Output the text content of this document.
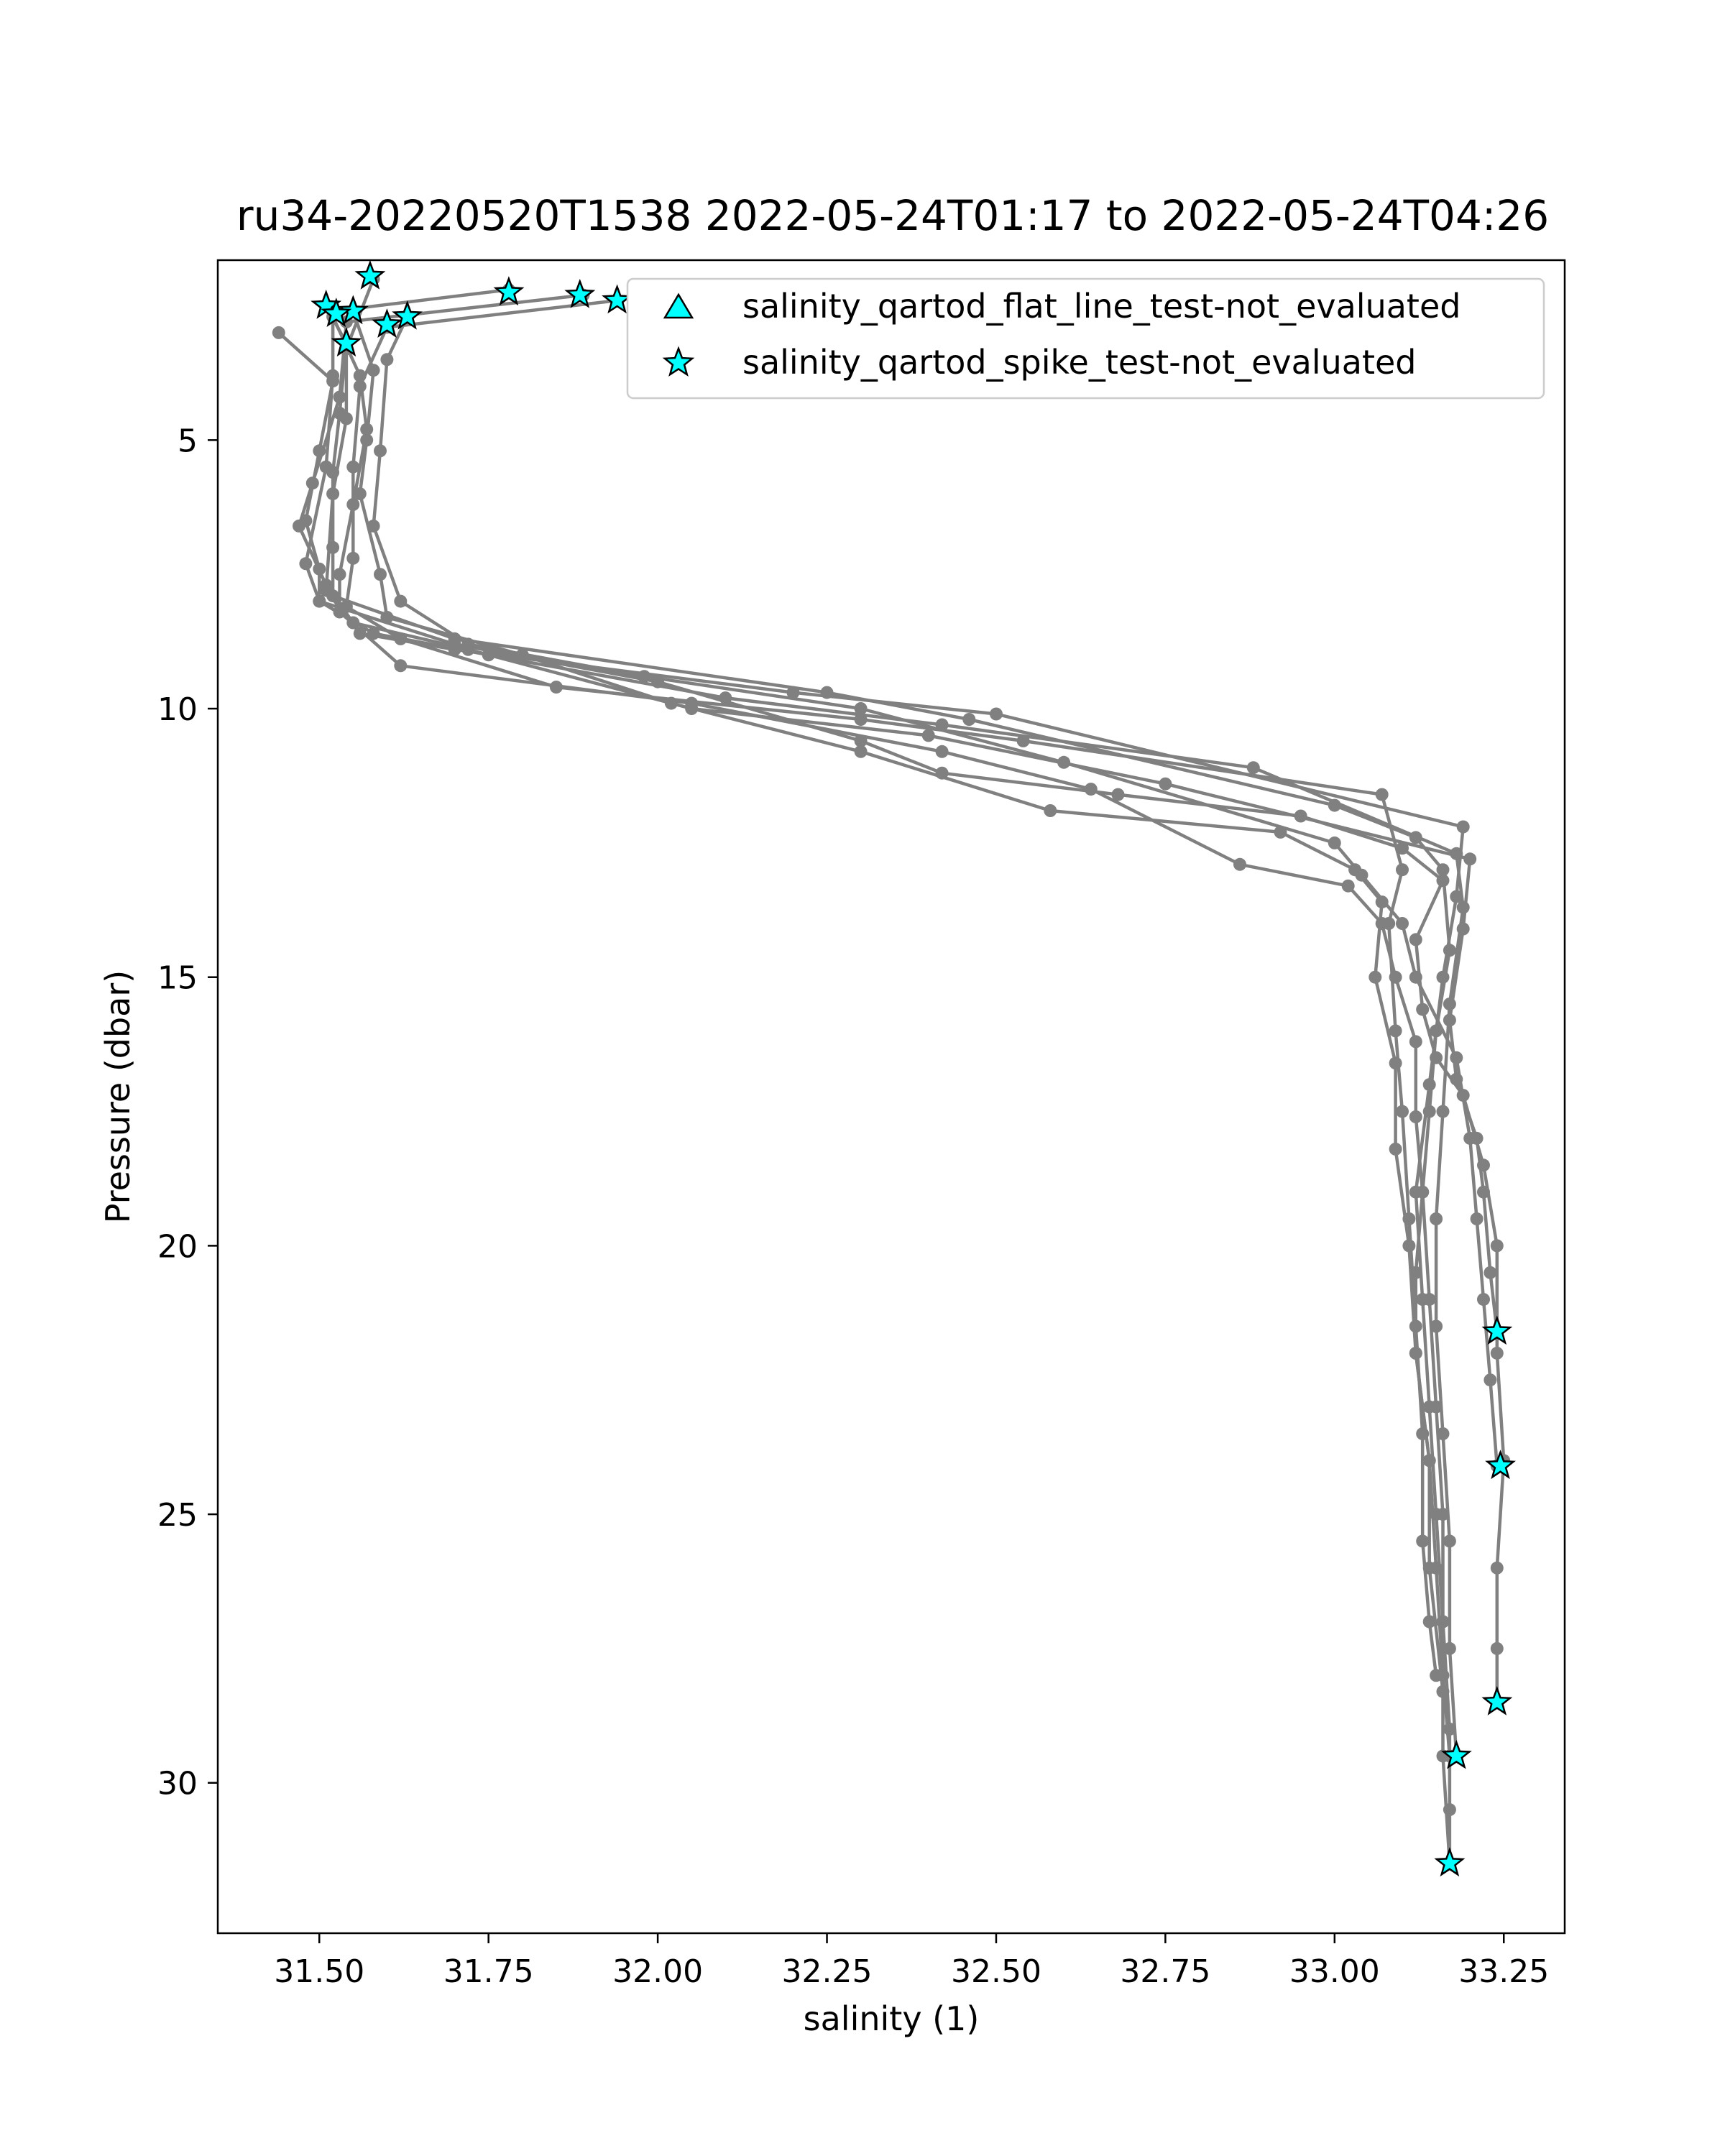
ru34-20220520T1538 2022-05-24T01:17 to 2022-05-24T04:26
31.50 31.75 32.00 32.25 32.50 32.75 33.00 33.25
5
10
15
20
25
30
salinity (1)
Pressure (dbar)
salinity_qartod_flat_line_test-not_evaluated
salinity_qartod_spike_test-not_evaluated
